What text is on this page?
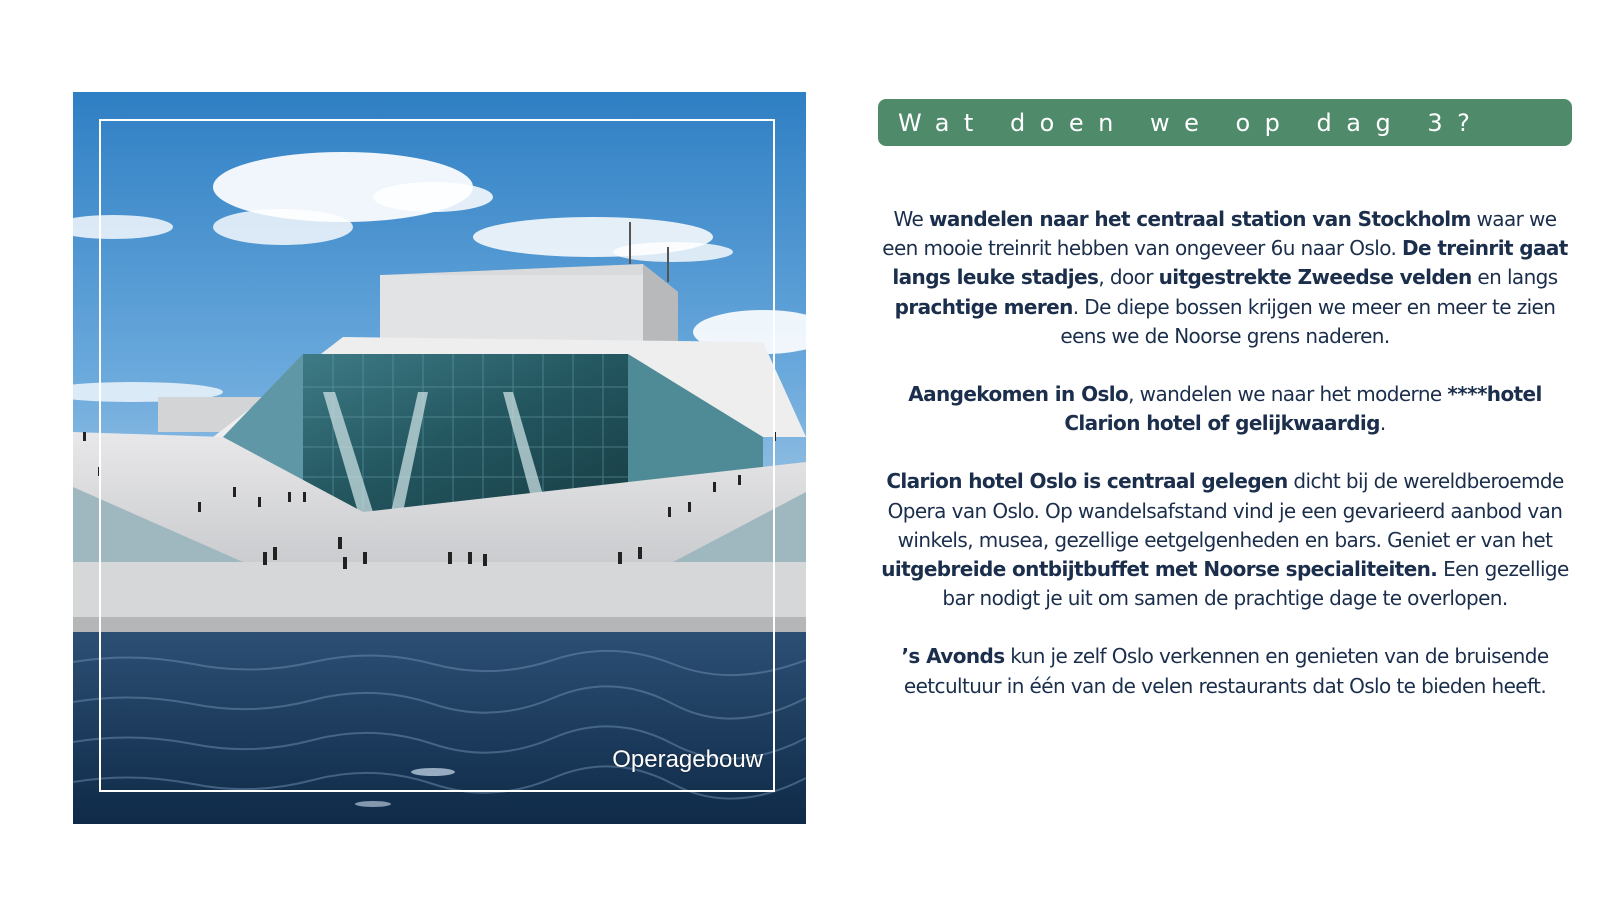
Operagebouw
Wat doen we op dag 3?

We wandelen naar het centraal station van Stockholm waar we een mooie treinrit hebben van ongeveer 6u naar Oslo. De treinrit gaat langs leuke stadjes, door uitgestrekte Zweedse velden en langs prachtige meren. De diepe bossen krijgen we meer en meer te zien eens we de Noorse grens naderen.

Aangekomen in Oslo, wandelen we naar het moderne ****hotel Clarion hotel of gelijkwaardig.

Clarion hotel Oslo is centraal gelegen dicht bij de wereldberoemde Opera van Oslo. Op wandelsafstand vind je een gevarieerd aanbod van winkels, musea, gezellige eetgelgenheden en bars. Geniet er van het uitgebreide ontbijtbuffet met Noorse specialiteiten. Een gezellige bar nodigt je uit om samen de prachtige dage te overlopen.

’s Avonds kun je zelf Oslo verkennen en genieten van de bruisende eetcultuur in één van de velen restaurants dat Oslo te bieden heeft.
